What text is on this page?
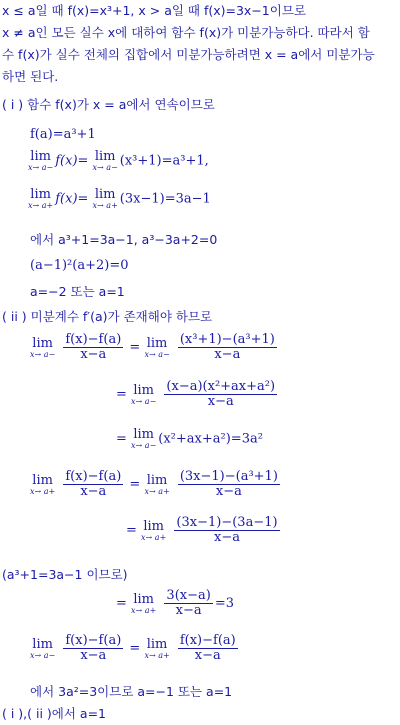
x ≤ a일 때 f(x)=x³+1, x > a일 때 f(x)=3x−1이므로
x ≠ a인 모든 실수 x에 대하여 함수 f(x)가 미분가능하다. 따라서 함
수 f(x)가 실수 전체의 집합에서 미분가능하려면 x = a에서 미분가능
하면 된다.
( i ) 함수 f(x)가 x = a에서 연속이므로
f(a)=a³+1
lim
x→ a− f(x)= lim
x→ a− (x³+1)=a³+1,
lim
x→ a+ f(x)= lim
x→ a+ (3x−1)=3a−1
에서 a³+1=3a−1, a³−3a+2=0
(a−1)²(a+2)=0
a=−2 또는 a=1
( ii ) 미분계수 f′(a)가 존재해야 하므로
lim
x→ a−
$\frac{f(x)-f(a)}{x-a} = \lim$
x→ a−
$\frac{\text{(x³+1)−(a³+1)}}{x-a}$
= lim
x→ a−
$\frac{\text{(x−a)(x²+ax+a²)}}{x-a}$
= lim
x→ a− (x²+ax+a²)=3a²
lim
x→ a+
$\frac{f(x)-f(a)}{x-a} = \lim$
x→ a+
$\frac{\text{(3x−1)−(a³+1)}}{x-a}$
= lim
x→ a+
$\frac{(3x-1)-(3a-1)}{x-a}$
(a³+1=3a−1 이므로)
= lim
x→ a+
$\frac{3(x-a)}{x-a} =3$
lim
x→ a−
$\frac{f(x)-f(a)}{x-a} = \lim$
x→ a+
$\frac{f(x)-f(a)}{x-a}$
에서 3a²=3이므로 a=−1 또는 a=1
( i ),( ii )에서 a=1
